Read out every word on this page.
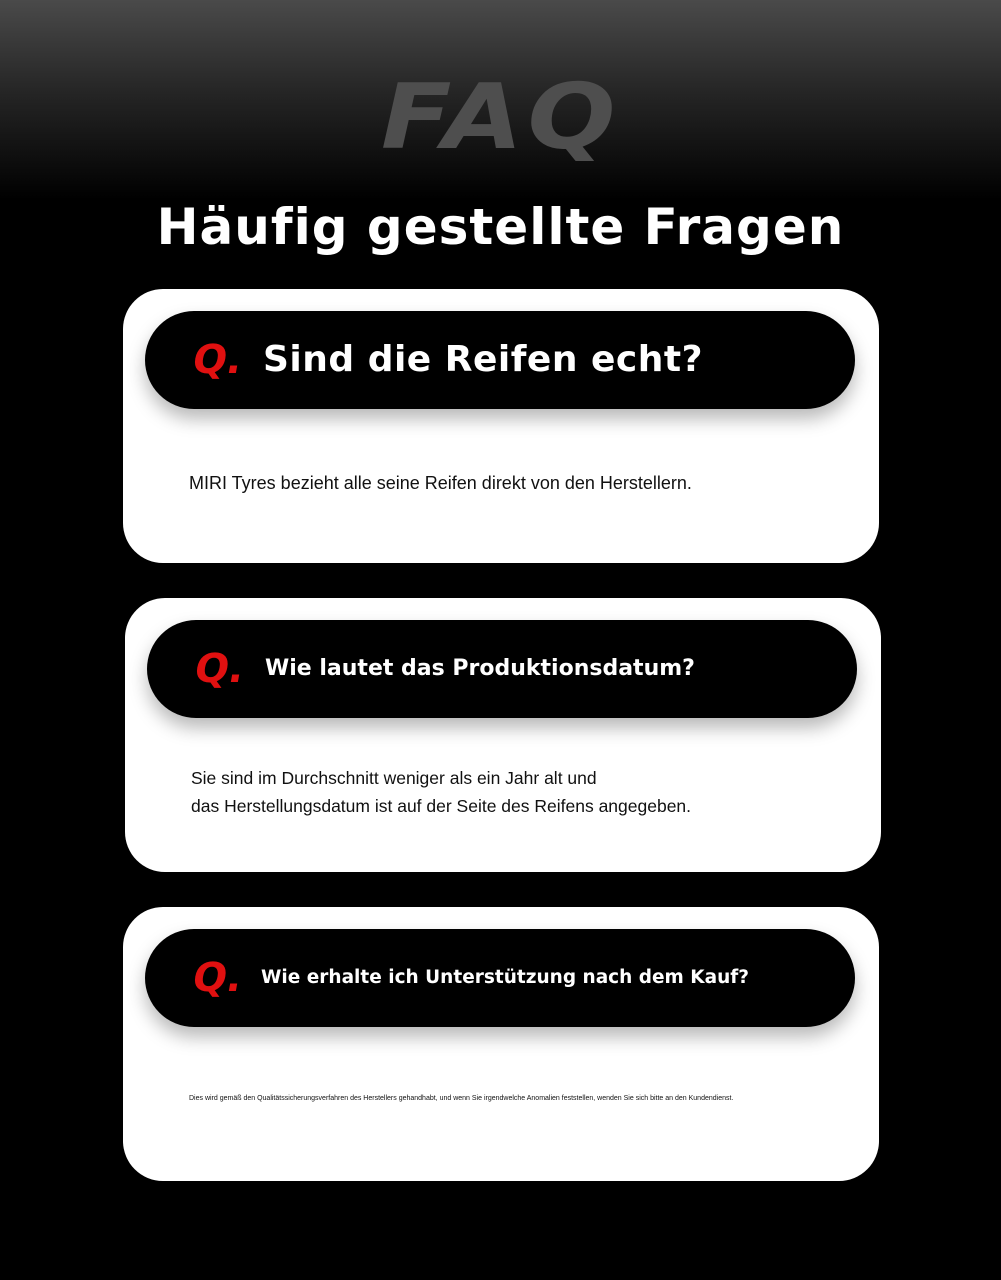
FAQ
Häufig gestellte Fragen
Q. Sind die Reifen echt?
MIRI Tyres bezieht alle seine Reifen direkt von den Herstellern.
Q. Wie lautet das Produktionsdatum?
Sie sind im Durchschnitt weniger als ein Jahr alt und
das Herstellungsdatum ist auf der Seite des Reifens angegeben.
Q. Wie erhalte ich Unterstützung nach dem Kauf?
Dies wird gemäß den Qualitätssicherungsverfahren des Herstellers gehandhabt, und wenn Sie irgendwelche Anomalien feststellen, wenden Sie sich bitte an den Kundendienst.
